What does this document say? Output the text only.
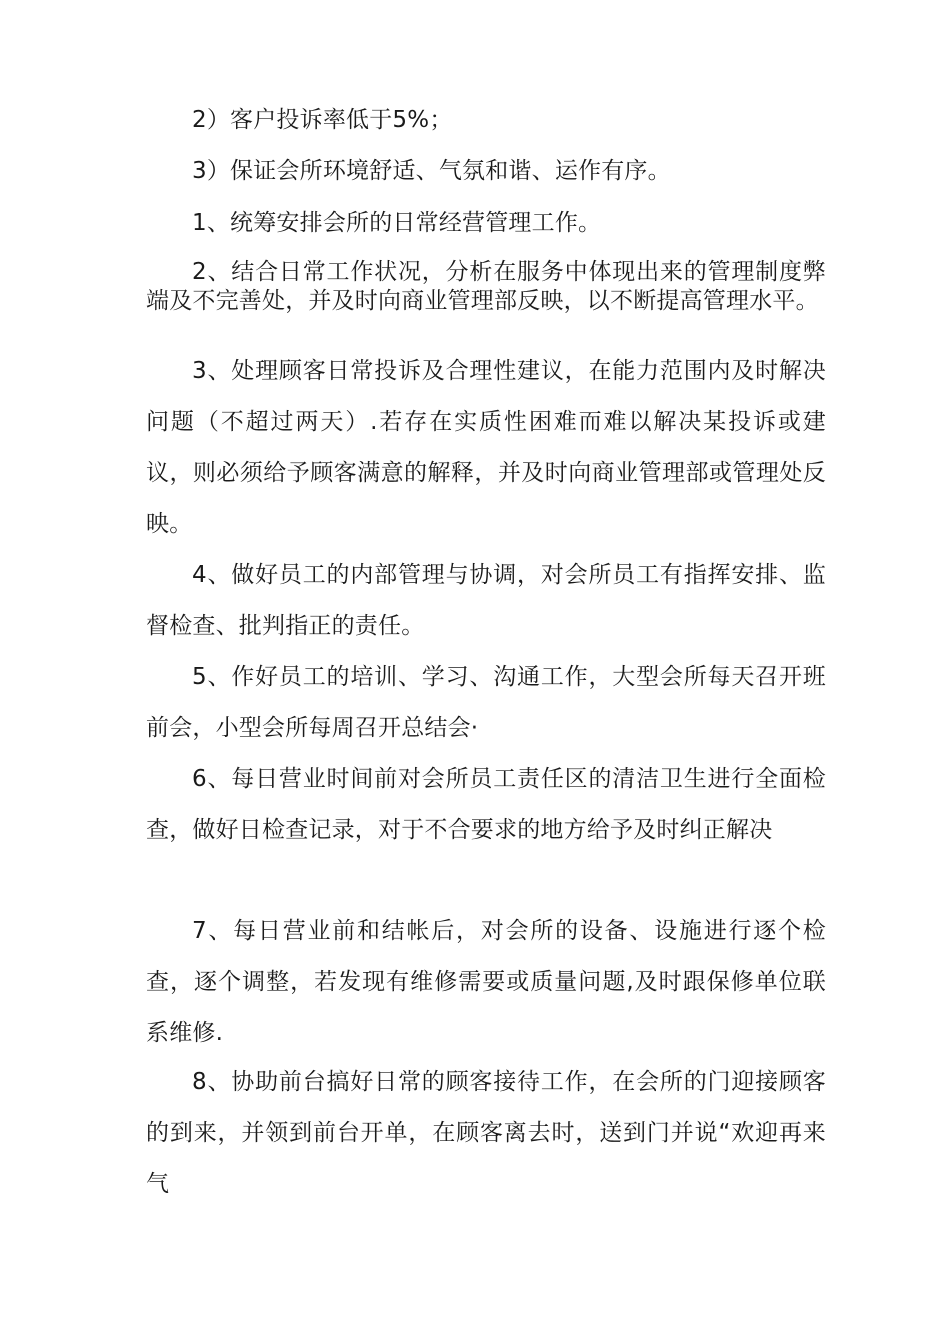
2）客户投诉率低于5%；

3）保证会所环境舒适、气氛和谐、运作有序。

1、统筹安排会所的日常经营管理工作。

2、结合日常工作状况，分析在服务中体现出来的管理制度弊端及不完善处，并及时向商业管理部反映，以不断提高管理水平。

3、处理顾客日常投诉及合理性建议，在能力范围内及时解决问题（不超过两天）.若存在实质性困难而难以解决某投诉或建议，则必须给予顾客满意的解释，并及时向商业管理部或管理处反映。

4、做好员工的内部管理与协调，对会所员工有指挥安排、监督检查、批判指正的责任。

5、作好员工的培训、学习、沟通工作，大型会所每天召开班前会，小型会所每周召开总结会·

6、每日营业时间前对会所员工责任区的清洁卫生进行全面检查，做好日检查记录，对于不合要求的地方给予及时纠正解决

7、每日营业前和结帐后，对会所的设备、设施进行逐个检查，逐个调整，若发现有维修需要或质量问题,及时跟保修单位联系维修.

8、协助前台搞好日常的顾客接待工作，在会所的门迎接顾客的到来，并领到前台开单，在顾客离去时，送到门并说“欢迎再来气
